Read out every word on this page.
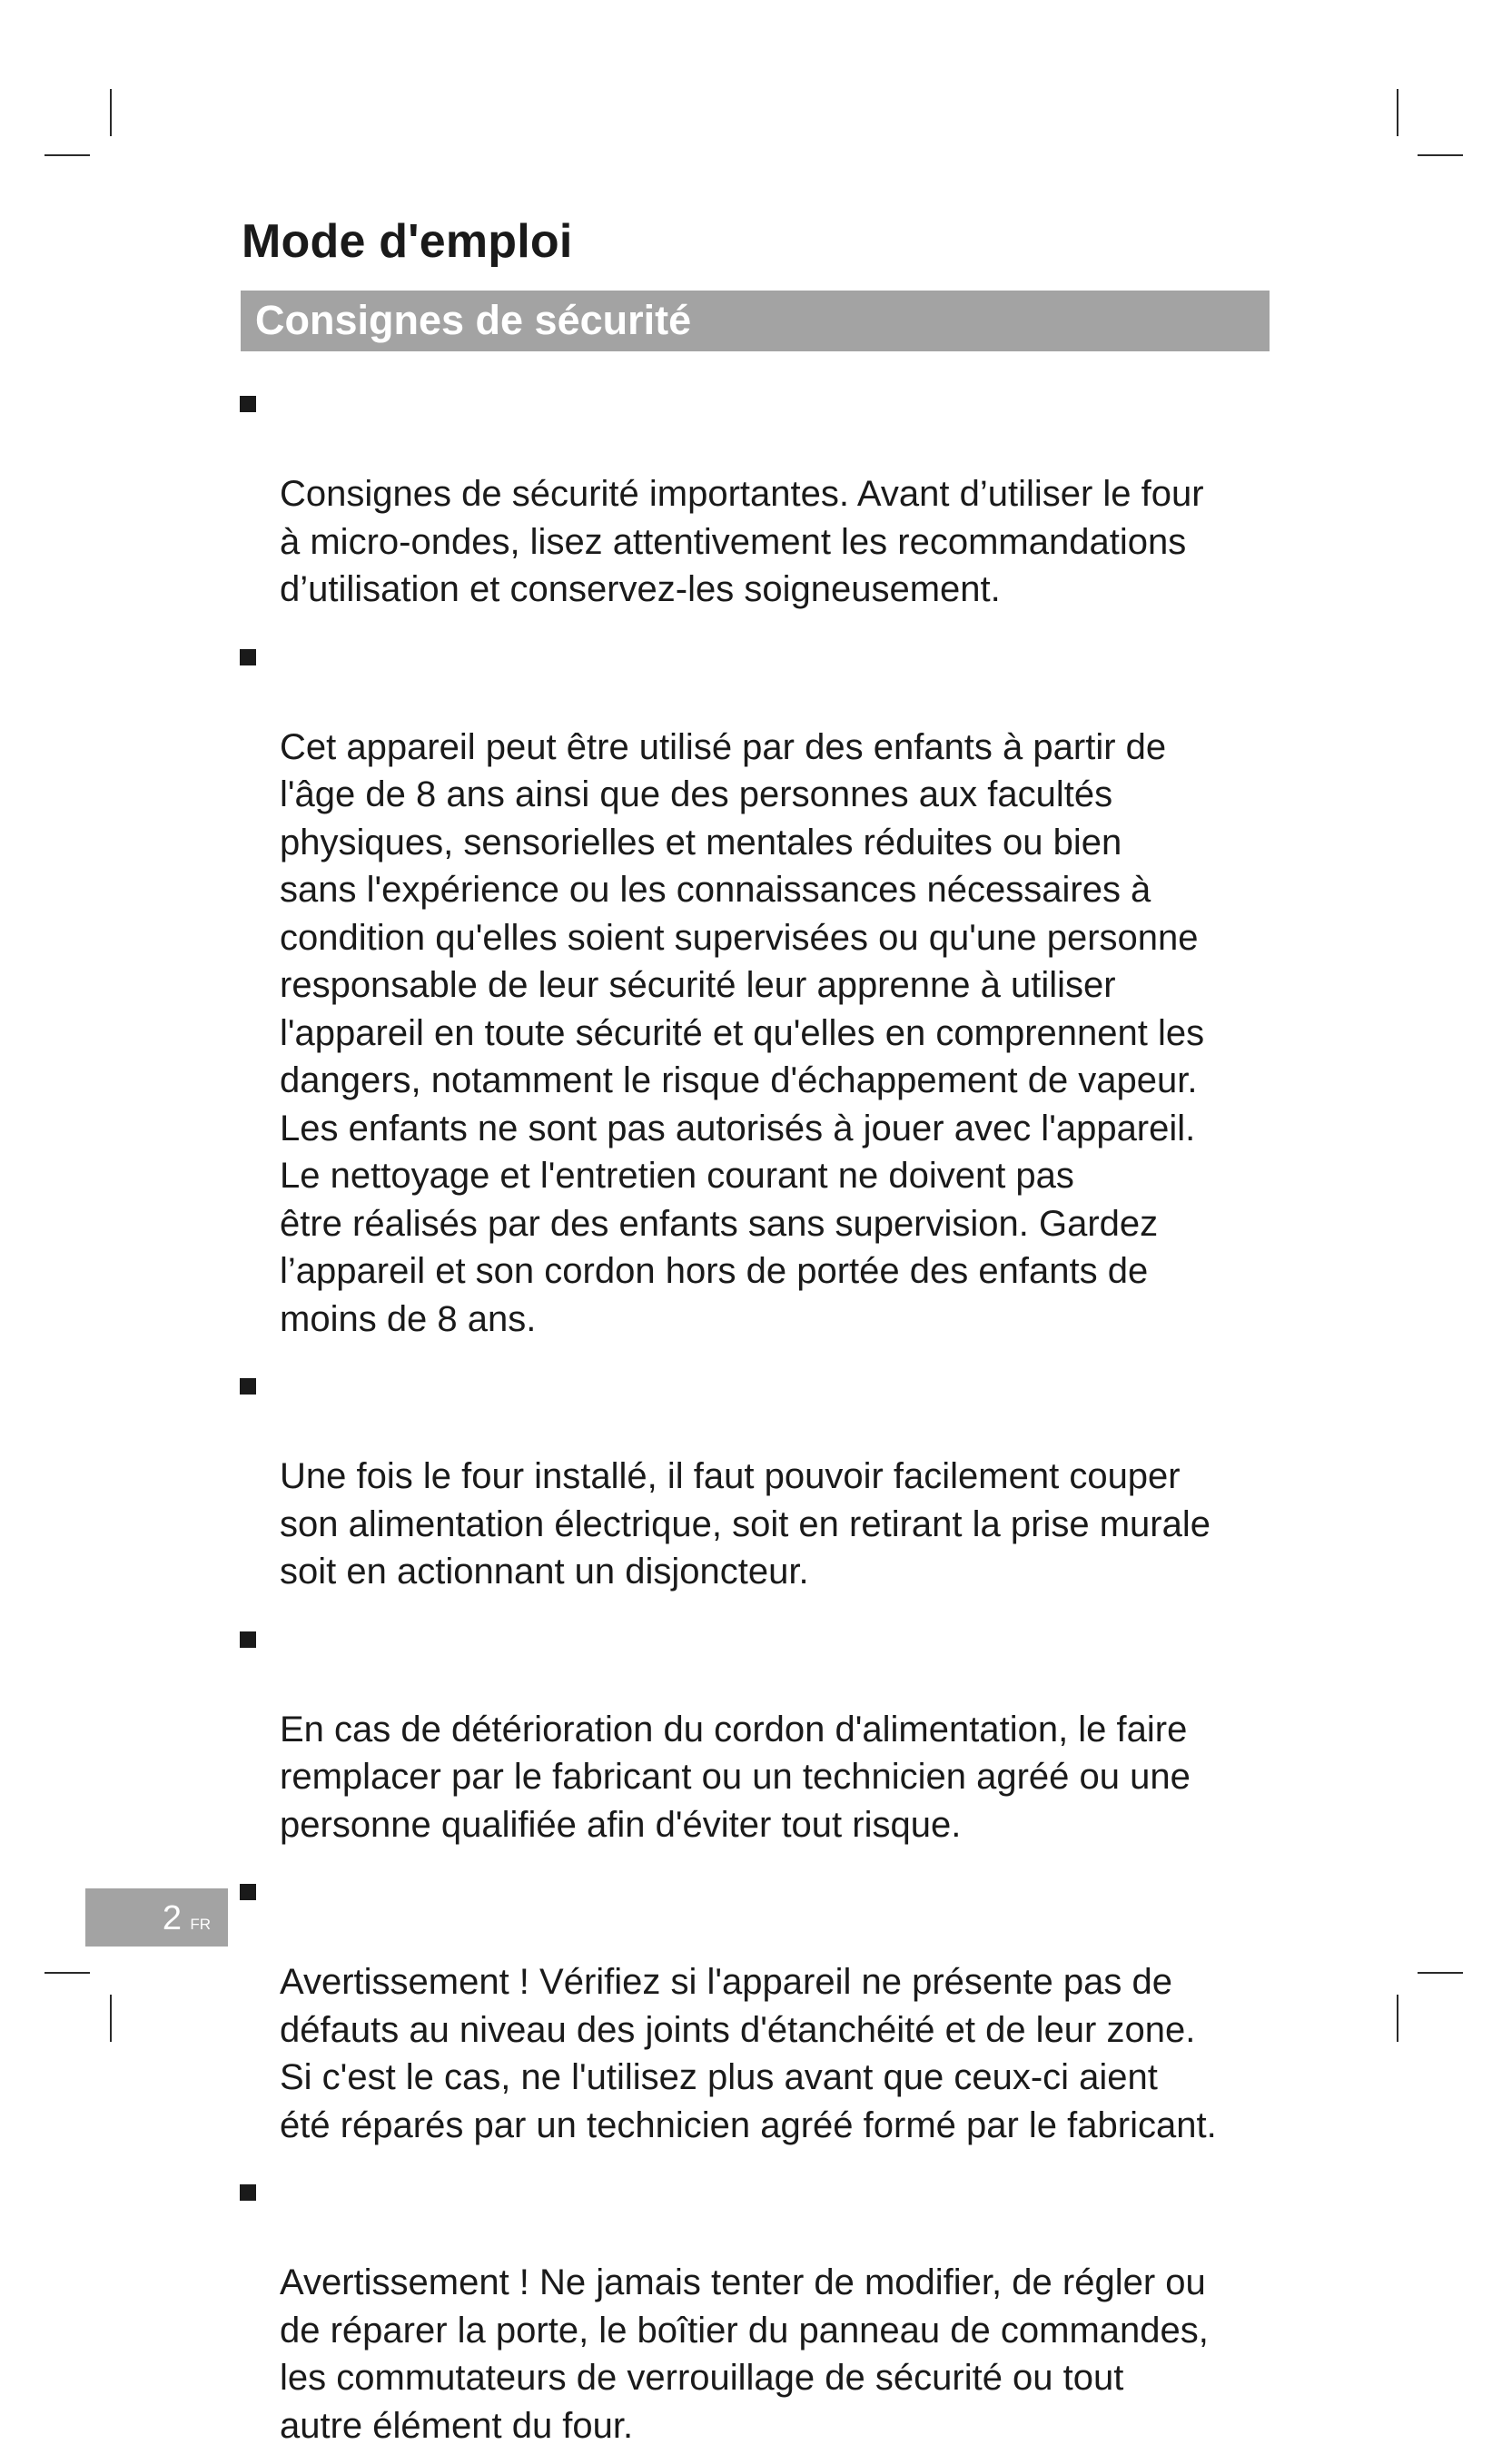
Mode d'emploi
Consignes de sécurité

Consignes de sécurité importantes. Avant d’utiliser le four
à micro-ondes, lisez attentivement les recommandations
d’utilisation et conservez-les soigneusement.

Cet appareil peut être utilisé par des enfants à partir de
l'âge de 8 ans ainsi que des personnes aux facultés
physiques, sensorielles et mentales réduites ou bien
sans l'expérience ou les connaissances nécessaires à
condition qu'elles soient supervisées ou qu'une personne
responsable de leur sécurité leur apprenne à utiliser
l'appareil en toute sécurité et qu'elles en comprennent les
dangers, notamment le risque d'échappement de vapeur.
Les enfants ne sont pas autorisés à jouer avec l'appareil.
Le nettoyage et l'entretien courant ne doivent pas
être réalisés par des enfants sans supervision. Gardez
l’appareil et son cordon hors de portée des enfants de
moins de 8 ans.

Une fois le four installé, il faut pouvoir facilement couper
son alimentation électrique, soit en retirant la prise murale
soit en actionnant un disjoncteur.

En cas de détérioration du cordon d'alimentation, le faire
remplacer par le fabricant ou un technicien agréé ou une
personne qualifiée afin d'éviter tout risque.

Avertissement ! Vérifiez si l'appareil ne présente pas de
défauts au niveau des joints d'étanchéité et de leur zone.
Si c'est le cas, ne l'utilisez plus avant que ceux-ci aient
été réparés par un technicien agréé formé par le fabricant.

Avertissement ! Ne jamais tenter de modifier, de régler ou
de réparer la porte, le boîtier du panneau de commandes,
les commutateurs de verrouillage de sécurité ou tout
autre élément du four.

2 FR
